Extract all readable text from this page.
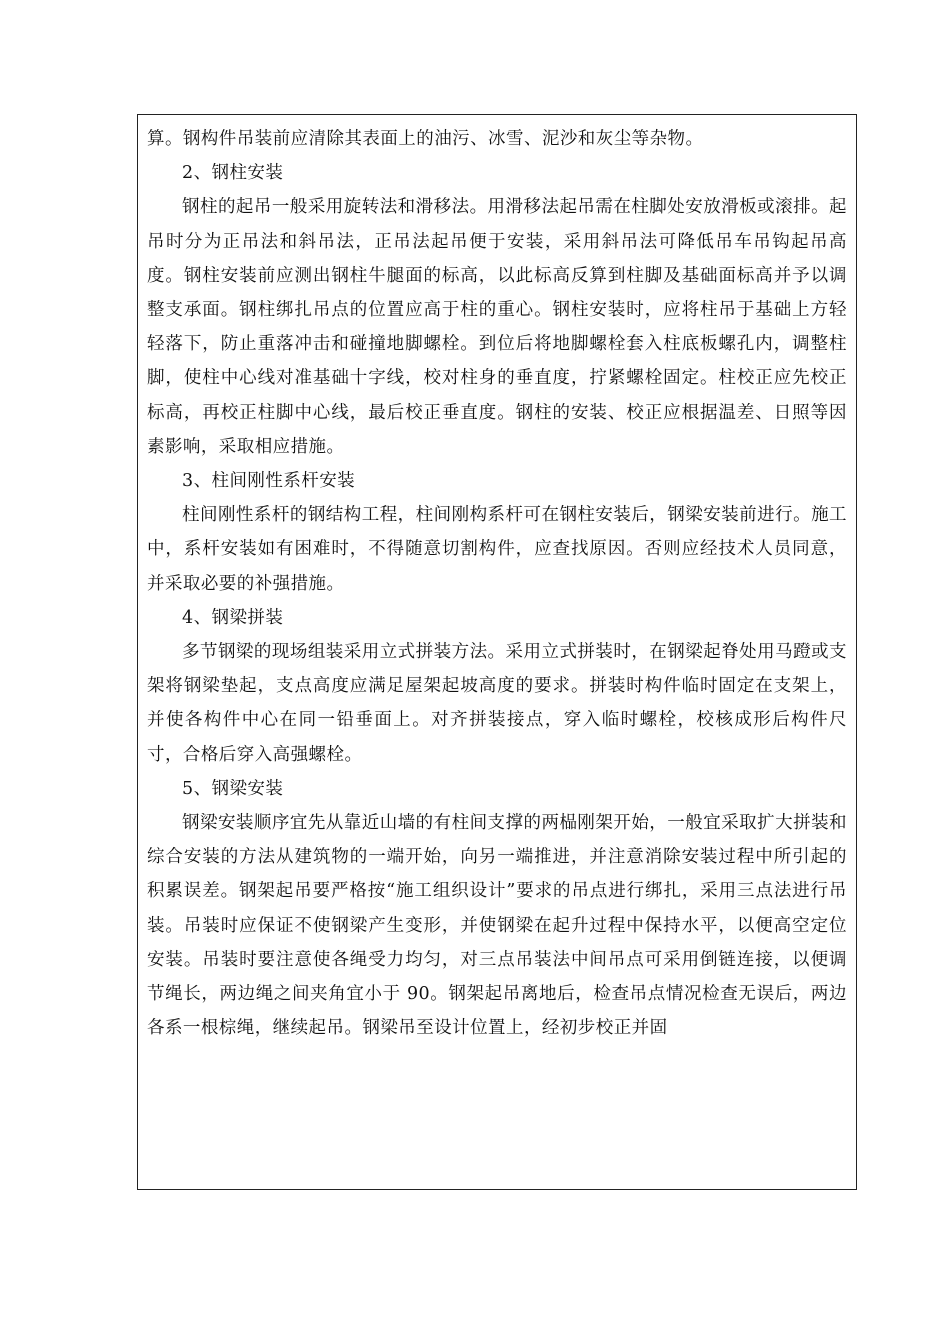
算。钢构件吊装前应清除其表面上的油污、冰雪、泥沙和灰尘等杂物。

2、钢柱安装

钢柱的起吊一般采用旋转法和滑移法。用滑移法起吊需在柱脚处安放滑板或滚排。起吊时分为正吊法和斜吊法，正吊法起吊便于安装，采用斜吊法可降低吊车吊钩起吊高度。钢柱安装前应测出钢柱牛腿面的标高，以此标高反算到柱脚及基础面标高并予以调整支承面。钢柱绑扎吊点的位置应高于柱的重心。钢柱安装时，应将柱吊于基础上方轻轻落下，防止重落冲击和碰撞地脚螺栓。到位后将地脚螺栓套入柱底板螺孔内，调整柱脚，使柱中心线对准基础十字线，校对柱身的垂直度，拧紧螺栓固定。柱校正应先校正标高，再校正柱脚中心线，最后校正垂直度。钢柱的安装、校正应根据温差、日照等因素影响，采取相应措施。

3、柱间刚性系杆安装

柱间刚性系杆的钢结构工程，柱间刚构系杆可在钢柱安装后，钢梁安装前进行。施工中，系杆安装如有困难时，不得随意切割构件，应查找原因。否则应经技术人员同意，并采取必要的补强措施。

4、钢梁拼装

多节钢梁的现场组装采用立式拼装方法。采用立式拼装时，在钢梁起脊处用马蹬或支架将钢梁垫起，支点高度应满足屋架起坡高度的要求。拼装时构件临时固定在支架上，并使各构件中心在同一铅垂面上。对齐拼装接点，穿入临时螺栓，校核成形后构件尺寸，合格后穿入高强螺栓。

5、钢梁安装

钢梁安装顺序宜先从靠近山墙的有柱间支撑的两榀刚架开始，一般宜采取扩大拼装和综合安装的方法从建筑物的一端开始，向另一端推进，并注意消除安装过程中所引起的积累误差。钢架起吊要严格按“施工组织设计”要求的吊点进行绑扎，采用三点法进行吊装。吊装时应保证不使钢梁产生变形，并使钢梁在起升过程中保持水平，以便高空定位安装。吊装时要注意使各绳受力均匀，对三点吊装法中间吊点可采用倒链连接，以便调节绳长，两边绳之间夹角宜小于 90。钢架起吊离地后，检查吊点情况检查无误后，两边各系一根棕绳，继续起吊。钢梁吊至设计位置上，经初步校正并固
